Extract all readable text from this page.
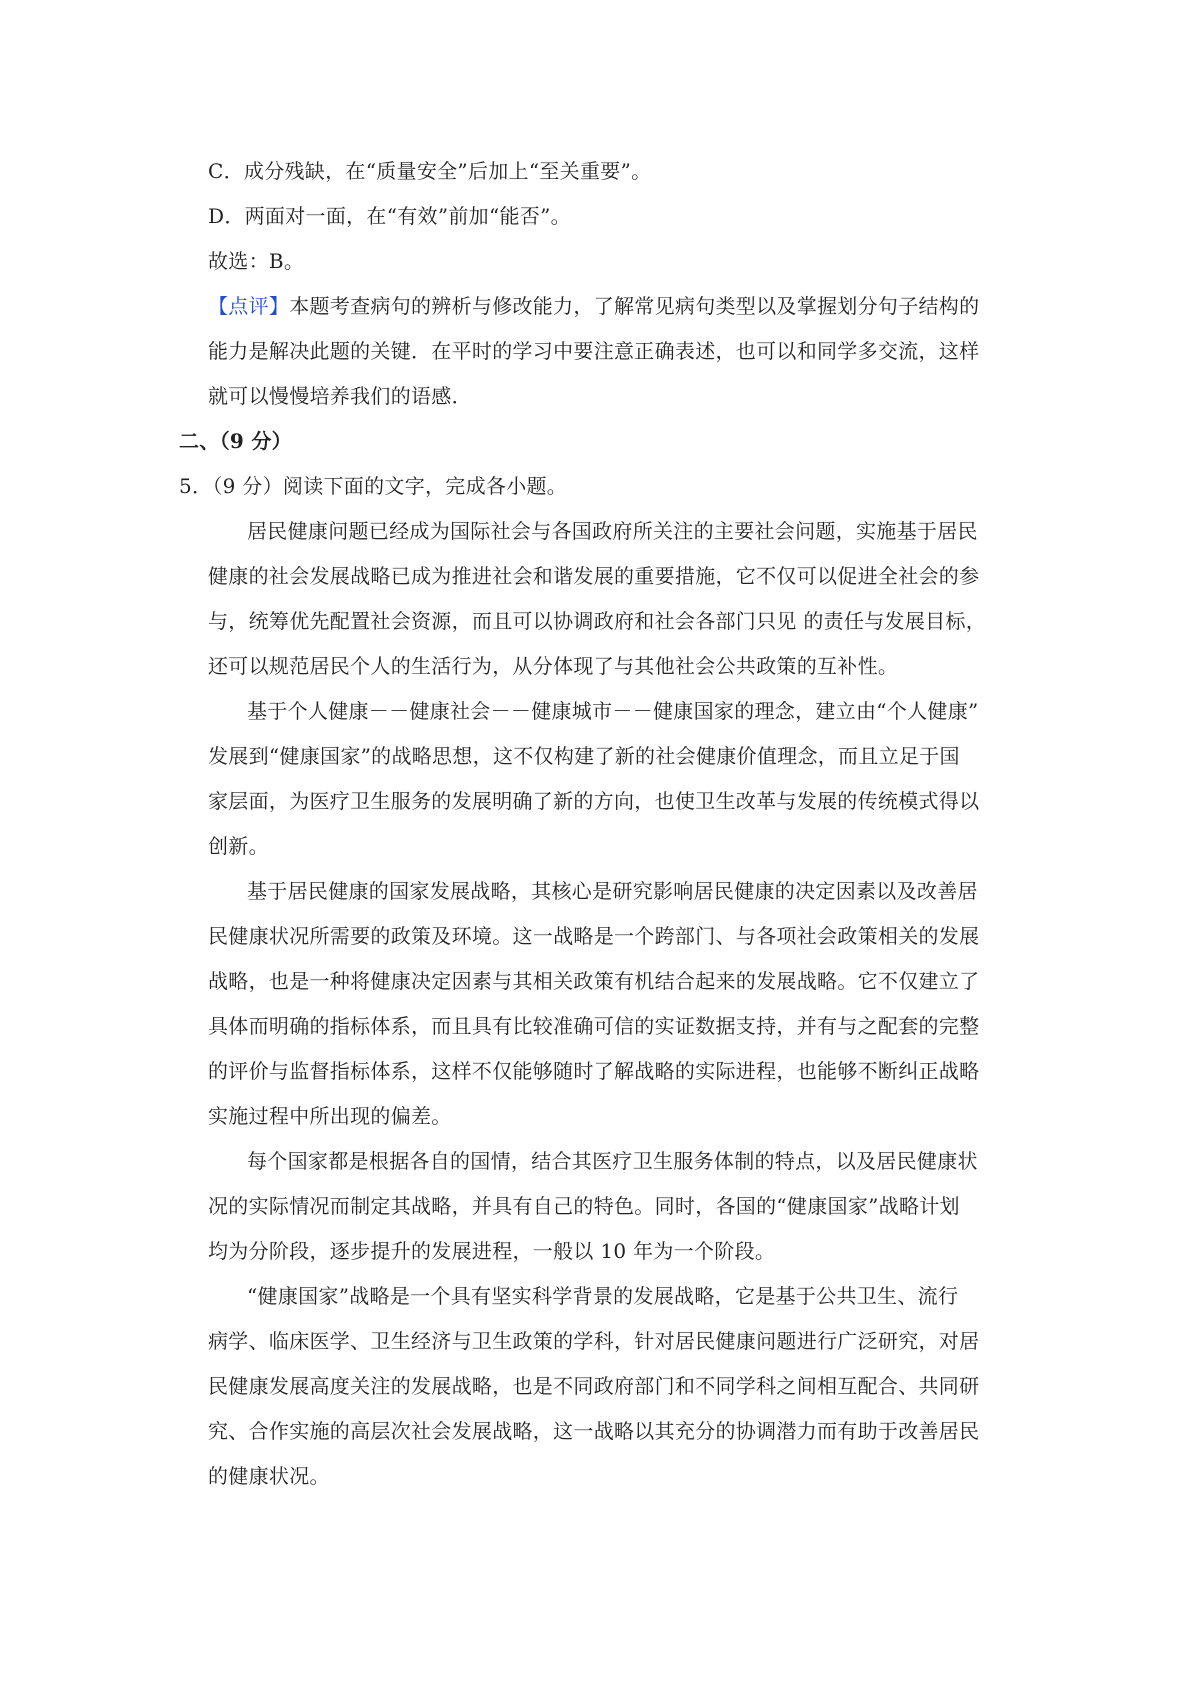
C．成分残缺，在“质量安全”后加上“至关重要”。
D．两面对一面，在“有效”前加“能否”。
故选：B。
【点评】本题考查病句的辨析与修改能力，了解常见病句类型以及掌握划分句子结构的
能力是解决此题的关键．在平时的学习中要注意正确表述，也可以和同学多交流，这样
就可以慢慢培养我们的语感．
二、（9 分）
5．（9 分）阅读下面的文字，完成各小题。
居民健康问题已经成为国际社会与各国政府所关注的主要社会问题，实施基于居民
健康的社会发展战略已成为推进社会和谐发展的重要措施，它不仅可以促进全社会的参
与，统筹优先配置社会资源，而且可以协调政府和社会各部门只见 的责任与发展目标，
还可以规范居民个人的生活行为，从分体现了与其他社会公共政策的互补性。
基于个人健康－－健康社会－－健康城市－－健康国家的理念，建立由“个人健康”
发展到“健康国家”的战略思想，这不仅构建了新的社会健康价值理念，而且立足于国
家层面，为医疗卫生服务的发展明确了新的方向，也使卫生改革与发展的传统模式得以
创新。
基于居民健康的国家发展战略，其核心是研究影响居民健康的决定因素以及改善居
民健康状况所需要的政策及环境。这一战略是一个跨部门、与各项社会政策相关的发展
战略，也是一种将健康决定因素与其相关政策有机结合起来的发展战略。它不仅建立了
具体而明确的指标体系，而且具有比较准确可信的实证数据支持，并有与之配套的完整
的评价与监督指标体系，这样不仅能够随时了解战略的实际进程，也能够不断纠正战略
实施过程中所出现的偏差。
每个国家都是根据各自的国情，结合其医疗卫生服务体制的特点，以及居民健康状
况的实际情况而制定其战略，并具有自己的特色。同时，各国的“健康国家”战略计划
均为分阶段，逐步提升的发展进程，一般以 10 年为一个阶段。
“健康国家”战略是一个具有坚实科学背景的发展战略，它是基于公共卫生、流行
病学、临床医学、卫生经济与卫生政策的学科，针对居民健康问题进行广泛研究，对居
民健康发展高度关注的发展战略，也是不同政府部门和不同学科之间相互配合、共同研
究、合作实施的高层次社会发展战略，这一战略以其充分的协调潜力而有助于改善居民
的健康状况。
